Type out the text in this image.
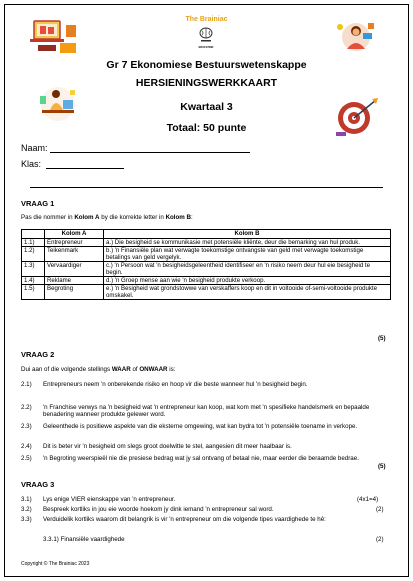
The Brainiac
EDUCATION
Gr 7 Ekonomiese Bestuurswetenskappe
HERSIENINGSWERKKAART
Kwartaal 3
Totaal: 50 punte
Naam:
Klas:
VRAAG 1
Pas die nommer in Kolom A by die korrekte letter in Kolom B:
	Kolom A	Kolom B
1.1)	Entrepreneur	a.) Die besigheid se kommunikasie met potensiële kliënte, deur die bemarking van hul produk.
1.2)	Teikenmark	b.) 'n Finansiële plan wat verwagte toekomstige ontvangste van geld met verwagte toekomstige betalings van geld vergelyk.
1.3)	Vervaardiger	c.) 'n Persoon wat 'n besigheidsgeleentheid identifiseer en 'n risiko neem deur hul eie besigheid te begin.
1.4)	Reklame	d.) 'n Groep mense aan wie 'n besigheid produkte verkoop.
1.5)	Begroting	e.) 'n Besigheid wat grondstowwe van verskaffers koop en dit in volt​ooide of-semi-voltooide produkte omskakel.
(5)
VRAAG 2
Dui aan of die volgende stellings WAAR of ONWAAR is:
2.1) Entrepreneurs neem 'n onberekende risiko en hoop vir die beste wanneer hul 'n besigheid begin.
2.2) 'n Franchise verwys na 'n besigheid wat 'n entrepreneur kan koop, wat kom met 'n spesifieke handelsmerk en bepaalde benadering wanneer produkte gelewer word.
2.3) Geleenthede is positiewe aspekte van die eksterne omgewing, wat kan bydra tot 'n potensiële toename in verkope.
2.4) Dit is beter vir 'n besigheid om slegs groot doelwitte te stel, aangesien dit meer haalbaar is.
2.5) 'n Begroting weerspieël nie die presiese bedrag wat jy sal ontvang of betaal nie, maar eerder die beraamde bedrae.
(5)
VRAAG 3
3.1) Lys enige VIER eienskappe van 'n entrepreneur.	(4x1=4)
3.2) Bespreek kortliks in jou eie woorde hoekom jy dink iemand 'n entrepreneur sal word.	(2)
3.3) Verduidelik kortliks waarom dit belangrik is vir 'n entrepreneur om die volgende tipes vaardighede te hê:
3.3.1) Finansiële vaardighede	(2)
Copyright © The Brainiac 2023
